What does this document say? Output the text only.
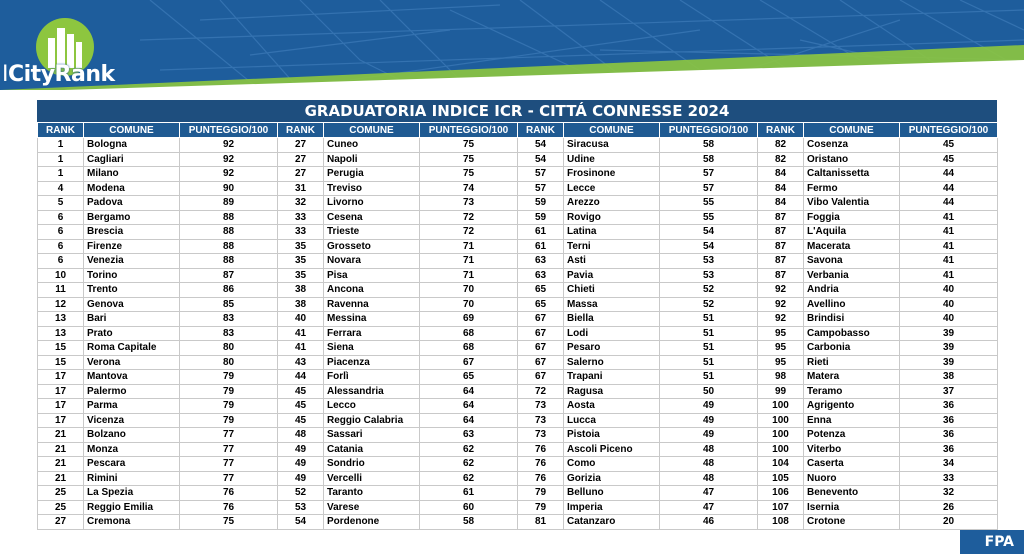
ICityRank
GRADUATORIA INDICE ICR - CITTÁ CONNESSE 2024
RANK	COMUNE	PUNTEGGIO/100	RANK	COMUNE	PUNTEGGIO/100	RANK	COMUNE	PUNTEGGIO/100	RANK	COMUNE	PUNTEGGIO/100
1	Bologna	92	27	Cuneo	75	54	Siracusa	58	82	Cosenza	45
1	Cagliari	92	27	Napoli	75	54	Udine	58	82	Oristano	45
1	Milano	92	27	Perugia	75	57	Frosinone	57	84	Caltanissetta	44
4	Modena	90	31	Treviso	74	57	Lecce	57	84	Fermo	44
5	Padova	89	32	Livorno	73	59	Arezzo	55	84	Vibo Valentia	44
6	Bergamo	88	33	Cesena	72	59	Rovigo	55	87	Foggia	41
6	Brescia	88	33	Trieste	72	61	Latina	54	87	L'Aquila	41
6	Firenze	88	35	Grosseto	71	61	Terni	54	87	Macerata	41
6	Venezia	88	35	Novara	71	63	Asti	53	87	Savona	41
10	Torino	87	35	Pisa	71	63	Pavia	53	87	Verbania	41
11	Trento	86	38	Ancona	70	65	Chieti	52	92	Andria	40
12	Genova	85	38	Ravenna	70	65	Massa	52	92	Avellino	40
13	Bari	83	40	Messina	69	67	Biella	51	92	Brindisi	40
13	Prato	83	41	Ferrara	68	67	Lodi	51	95	Campobasso	39
15	Roma Capitale	80	41	Siena	68	67	Pesaro	51	95	Carbonia	39
15	Verona	80	43	Piacenza	67	67	Salerno	51	95	Rieti	39
17	Mantova	79	44	Forlì	65	67	Trapani	51	98	Matera	38
17	Palermo	79	45	Alessandria	64	72	Ragusa	50	99	Teramo	37
17	Parma	79	45	Lecco	64	73	Aosta	49	100	Agrigento	36
17	Vicenza	79	45	Reggio Calabria	64	73	Lucca	49	100	Enna	36
21	Bolzano	77	48	Sassari	63	73	Pistoia	49	100	Potenza	36
21	Monza	77	49	Catania	62	76	Ascoli Piceno	48	100	Viterbo	36
21	Pescara	77	49	Sondrio	62	76	Como	48	104	Caserta	34
21	Rimini	77	49	Vercelli	62	76	Gorizia	48	105	Nuoro	33
25	La Spezia	76	52	Taranto	61	79	Belluno	47	106	Benevento	32
25	Reggio Emilia	76	53	Varese	60	79	Imperia	47	107	Isernia	26
27	Cremona	75	54	Pordenone	58	81	Catanzaro	46	108	Crotone	20
FPA
